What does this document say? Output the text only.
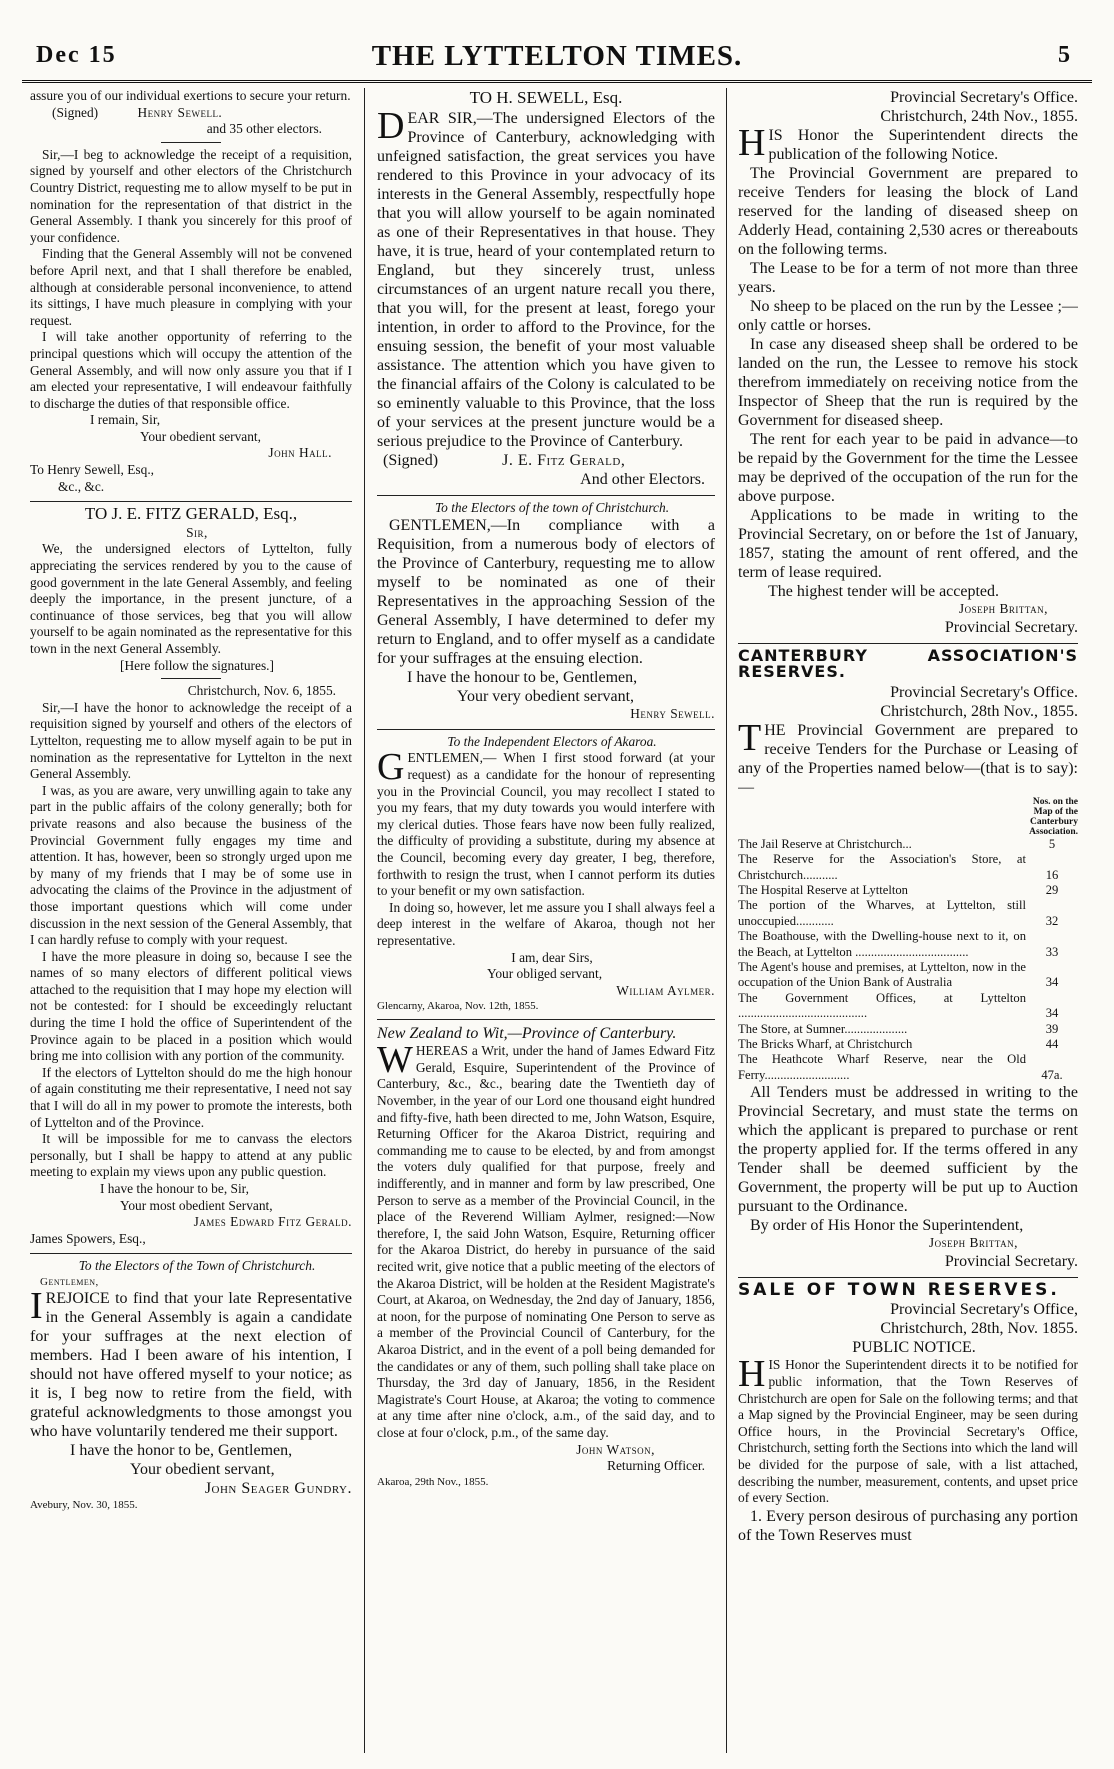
Dec 15	THE LYTTELTON TIMES.	5

assure you of our individual exertions to secure your return.

(Signed)	Henry Sewell.

and 35 other electors.

Sir,—I beg to acknowledge the receipt of a requisition, signed by yourself and other electors of the Christchurch Country District, requesting me to allow myself to be put in nomination for the representation of that district in the General Assembly. I thank you sincerely for this proof of your confidence.

Finding that the General Assembly will not be convened before April next, and that I shall therefore be enabled, although at considerable personal inconvenience, to attend its sittings, I have much pleasure in complying with your request.

I will take another opportunity of referring to the principal questions which will occupy the attention of the General Assembly, and will now only assure you that if I am elected your representative, I will endeavour faithfully to discharge the duties of that responsible office.

I remain, Sir,

Your obedient servant,

John Hall.

To Henry Sewell, Esq.,

&c., &c.

TO J. E. FITZ GERALD, Esq.,

Sir,

We, the undersigned electors of Lyttelton, fully appreciating the services rendered by you to the cause of good government in the late General Assembly, and feeling deeply the importance, in the present juncture, of a continuance of those services, beg that you will allow yourself to be again nominated as the representative for this town in the next General Assembly.

[Here follow the signatures.]

Christchurch, Nov. 6, 1855.

Sir,—I have the honor to acknowledge the receipt of a requisition signed by yourself and others of the electors of Lyttelton, requesting me to allow myself again to be put in nomination as the representative for Lyttelton in the next General Assembly.

I was, as you are aware, very unwilling again to take any part in the public affairs of the colony generally; both for private reasons and also because the business of the Provincial Government fully engages my time and attention. It has, however, been so strongly urged upon me by many of my friends that I may be of some use in advocating the claims of the Province in the adjustment of those important questions which will come under discussion in the next session of the General Assembly, that I can hardly refuse to comply with your request.

I have the more pleasure in doing so, because I see the names of so many electors of different political views attached to the requisition that I may hope my election will not be contested: for I should be exceedingly reluctant during the time I hold the office of Superintendent of the Province again to be placed in a position which would bring me into collision with any portion of the community.

If the electors of Lyttelton should do me the high honour of again constituting me their representative, I need not say that I will do all in my power to promote the interests, both of Lyttelton and of the Province.

It will be impossible for me to canvass the electors personally, but I shall be happy to attend at any public meeting to explain my views upon any public question.

I have the honour to be, Sir,

Your most obedient Servant,

James Edward Fitz Gerald.

James Spowers, Esq.,

To the Electors of the Town of Christchurch.

Gentlemen,

IREJOICE to find that your late Representative in the General Assembly is again a candidate for your suffrages at the next election of members. Had I been aware of his intention, I should not have offered myself to your notice; as it is, I beg now to retire from the field, with grateful acknowledgments to those amongst you who have voluntarily tendered me their support.

I have the honor to be, Gentlemen,

Your obedient servant,

John Seager Gundry.

Avebury, Nov. 30, 1855.

TO H. SEWELL, Esq.

DEAR SIR,—The undersigned Electors of the Province of Canterbury, acknowledging with unfeigned satisfaction, the great services you have rendered to this Province in your advocacy of its interests in the General Assembly, respectfully hope that you will allow yourself to be again nominated as one of their Representatives in that house. They have, it is true, heard of your contemplated return to England, but they sincerely trust, unless circumstances of an urgent nature recall you there, that you will, for the present at least, forego your intention, in order to afford to the Province, for the ensuing session, the benefit of your most valuable assistance. The attention which you have given to the financial affairs of the Colony is calculated to be so eminently valuable to this Province, that the loss of your services at the present juncture would be a serious prejudice to the Province of Canterbury.

(Signed)	J. E. Fitz Gerald,

And other Electors.

To the Electors of the town of Christchurch.

GENTLEMEN,—In compliance with a Requisition, from a numerous body of electors of the Province of Canterbury, requesting me to allow myself to be nominated as one of their Representatives in the approaching Session of the General Assembly, I have determined to defer my return to England, and to offer myself as a candidate for your suffrages at the ensuing election.

I have the honour to be, Gentlemen,

Your very obedient servant,

Henry Sewell.

To the Independent Electors of Akaroa.

GENTLEMEN,— When I first stood forward (at your request) as a candidate for the honour of representing you in the Provincial Council, you may recollect I stated to you my fears, that my duty towards you would interfere with my clerical duties. Those fears have now been fully realized, the difficulty of providing a substitute, during my absence at the Council, becoming every day greater, I beg, therefore, forthwith to resign the trust, when I cannot perform its duties to your benefit or my own satisfaction.

In doing so, however, let me assure you I shall always feel a deep interest in the welfare of Akaroa, though not her representative.

I am, dear Sirs,

Your obliged servant,

William Aylmer.

Glencarny, Akaroa, Nov. 12th, 1855.

New Zealand to Wit,—Province of Canterbury.

WHEREAS a Writ, under the hand of James Edward Fitz Gerald, Esquire, Superintendent of the Province of Canterbury, &c., &c., bearing date the Twentieth day of November, in the year of our Lord one thousand eight hundred and fifty-five, hath been directed to me, John Watson, Esquire, Returning Officer for the Akaroa District, requiring and commanding me to cause to be elected, by and from amongst the voters duly qualified for that purpose, freely and indifferently, and in manner and form by law prescribed, One Person to serve as a member of the Provincial Council, in the place of the Reverend William Aylmer, resigned:—Now therefore, I, the said John Watson, Esquire, Returning officer for the Akaroa District, do hereby in pursuance of the said recited writ, give notice that a public meeting of the electors of the Akaroa District, will be holden at the Resident Magistrate's Court, at Akaroa, on Wednesday, the 2nd day of January, 1856, at noon, for the purpose of nominating One Person to serve as a member of the Provincial Council of Canterbury, for the Akaroa District, and in the event of a poll being demanded for the candidates or any of them, such polling shall take place on Thursday, the 3rd day of January, 1856, in the Resident Magistrate's Court House, at Akaroa; the voting to commence at any time after nine o'clock, a.m., of the said day, and to close at four o'clock, p.m., of the same day.

John Watson,

Returning Officer.

Akaroa, 29th Nov., 1855.

Provincial Secretary's Office.

Christchurch, 24th Nov., 1855.

HIS Honor the Superintendent directs the publication of the following Notice.

The Provincial Government are prepared to receive Tenders for leasing the block of Land reserved for the landing of diseased sheep on Adderly Head, containing 2,530 acres or thereabouts on the following terms.

The Lease to be for a term of not more than three years.

No sheep to be placed on the run by the Lessee ;—only cattle or horses.

In case any diseased sheep shall be ordered to be landed on the run, the Lessee to remove his stock therefrom immediately on receiving notice from the Inspector of Sheep that the run is required by the Government for diseased sheep.

The rent for each year to be paid in advance—to be repaid by the Government for the time the Lessee may be deprived of the occupation of the run for the above purpose.

Applications to be made in writing to the Provincial Secretary, on or before the 1st of January, 1857, stating the amount of rent offered, and the term of lease required.

The highest tender will be accepted.

Joseph Brittan,

Provincial Secretary.

CANTERBURY ASSOCIATION'S RESERVES.

Provincial Secretary's Office.

Christchurch, 28th Nov., 1855.

THE Provincial Government are prepared to receive Tenders for the Purchase or Leasing of any of the Properties named below—(that is to say):—

Nos. on the Map of the Canterbury Association.
The Jail Reserve at Christchurch...	5
The Reserve for the Association's Store, at Christchurch...........	16
The Hospital Reserve at Lyttelton	29
The portion of the Wharves, at Lyttelton, still unoccupied............	32
The Boathouse, with the Dwelling-house next to it, on the Beach, at Lyttelton ....................................	33
The Agent's house and premises, at Lyttelton, now in the occupation of the Union Bank of Australia	34
The Government Offices, at Lyttelton .........................................	34
The Store, at Sumner....................	39
The Bricks Wharf, at Christchurch	44
The Heathcote Wharf Reserve, near the Old Ferry...........................	47a.

All Tenders must be addressed in writing to the Provincial Secretary, and must state the terms on which the applicant is prepared to purchase or rent the property applied for. If the terms offered in any Tender shall be deemed sufficient by the Government, the property will be put up to Auction pursuant to the Ordinance.

By order of His Honor the Superintendent,

Joseph Brittan,

Provincial Secretary.

SALE OF TOWN RESERVES.

Provincial Secretary's Office,

Christchurch, 28th, Nov. 1855.

PUBLIC NOTICE.

HIS Honor the Superintendent directs it to be notified for public information, that the Town Reserves of Christchurch are open for Sale on the following terms; and that a Map signed by the Provincial Engineer, may be seen during Office hours, in the Provincial Secretary's Office, Christchurch, setting forth the Sections into which the land will be divided for the purpose of sale, with a list attached, describing the number, measurement, contents, and upset price of every Section.

1. Every person desirous of purchasing any portion of the Town Reserves must
